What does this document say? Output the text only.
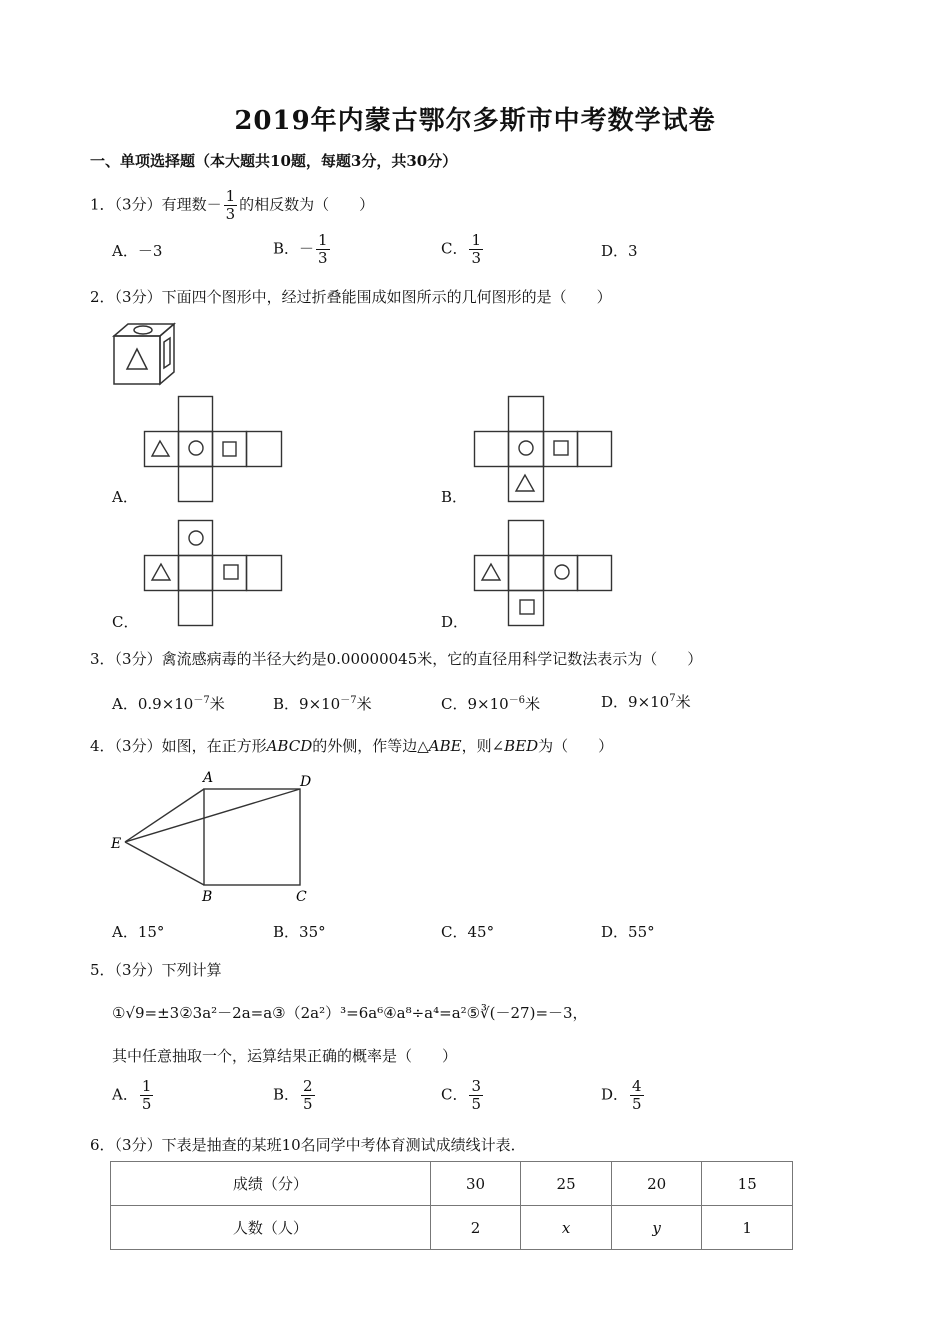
2019年内蒙古鄂尔多斯市中考数学试卷
一、单项选择题（本大题共10题，每题3分，共30分）
1．（3分）有理数－ $\frac{1}{3}$ 的相反数为（　　）
A．－3	B．－ $\frac{1}{3}$	C． $\frac{1}{3}$	D．3
2．（3分）下面四个图形中，经过折叠能围成如图所示的几何图形的是（　　）
A．	B．
C．	D．
3．（3分）禽流感病毒的半径大约是0.00000045米，它的直径用科学记数法表示为（　　）
A．$0.9\times 10^{-7}$米	B．$9\times 10^{-7}$米	C．$9\times 10^{-6}$米	D．$9\times 10^7$米
4．（3分）如图，在正方形ABCD的外侧，作等边△ABE，则∠BED为（　　）
A	D
E
B	C
A．15°	B．35°	C．45°	D．55°
5．（3分）下列计算
①√9=±3②3a²－2a=a③（2a²）³=6a⁶④a⁸÷a⁴=a²⑤∛(－27)=－3，
其中任意抽取一个，运算结果正确的概率是（　　）
A． $\frac{1}{5}$	B． $\frac{2}{5}$	C． $\frac{3}{5}$	D． $\frac{4}{5}$
6．（3分）下表是抽查的某班10名同学中考体育测试成绩线计表．
成绩（分）	30	25	20	15
人数（人）	2	x	y	1
